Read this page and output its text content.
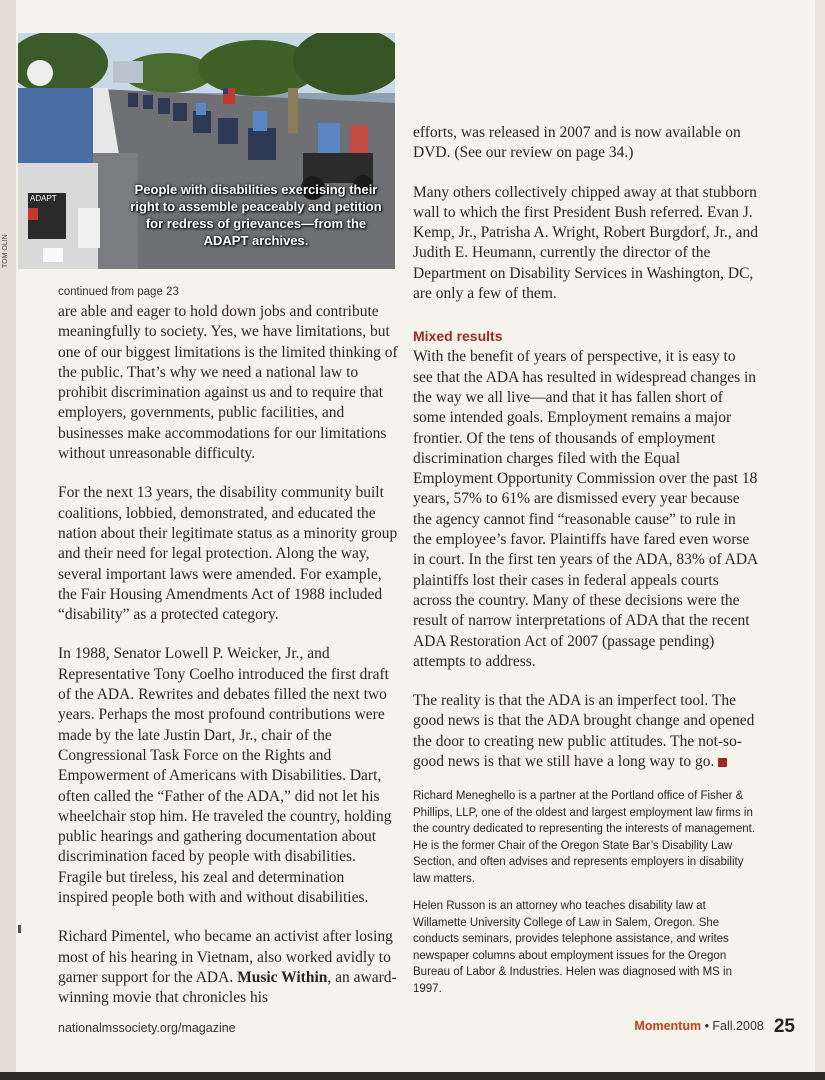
ADAPT
People with disabilities exercising their right to assemble peaceably and petition for redress of grievances—from the ADAPT archives.
TOM OLIN
continued from page 23

are able and eager to hold down jobs and contribute meaningfully to society. Yes, we have limitations, but one of our biggest limitations is the limited thinking of the public. That’s why we need a national law to prohibit discrimination against us and to require that employers, governments, public facilities, and businesses make accommodations for our limitations without unreasonable difficulty.

For the next 13 years, the disability community built coalitions, lobbied, demonstrated, and educated the nation about their legitimate status as a minority group and their need for legal protection. Along the way, several important laws were amended. For example, the Fair Housing Amendments Act of 1988 included “disability” as a protected category.

In 1988, Senator Lowell P. Weicker, Jr., and Representative Tony Coelho introduced the first draft of the ADA. Rewrites and debates filled the next two years. Perhaps the most profound contributions were made by the late Justin Dart, Jr., chair of the Congressional Task Force on the Rights and Empowerment of Americans with Disabilities. Dart, often called the “Father of the ADA,” did not let his wheelchair stop him. He traveled the country, holding public hearings and gathering documentation about discrimination faced by people with disabilities. Fragile but tireless, his zeal and determination inspired people both with and without disabilities.

Richard Pimentel, who became an activist after losing most of his hearing in Vietnam, also worked avidly to garner support for the ADA. Music Within, an award-winning movie that chronicles his

efforts, was released in 2007 and is now available on DVD. (See our review on page 34.)

Many others collectively chipped away at that stubborn wall to which the first President Bush referred. Evan J. Kemp, Jr., Patrisha A. Wright, Robert Burgdorf, Jr., and Judith E. Heumann, currently the director of the Department on Disability Services in Washington, DC, are only a few of them.

Mixed results

With the benefit of years of perspective, it is easy to see that the ADA has resulted in widespread changes in the way we all live—and that it has fallen short of some intended goals. Employment remains a major frontier. Of the tens of thousands of employment discrimination charges filed with the Equal Employment Opportunity Commission over the past 18 years, 57% to 61% are dismissed every year because the agency cannot find “reasonable cause” to rule in the employee’s favor. Plaintiffs have fared even worse in court. In the first ten years of the ADA, 83% of ADA plaintiffs lost their cases in federal appeals courts across the country. Many of these decisions were the result of narrow interpretations of ADA that the recent ADA Restoration Act of 2007 (passage pending) attempts to address.

The reality is that the ADA is an imperfect tool. The good news is that the ADA brought change and opened the door to creating new public attitudes. The not-so-good news is that we still have a long way to go.

Richard Meneghello is a partner at the Portland office of Fisher & Phillips, LLP, one of the oldest and largest employment law firms in the country dedicated to representing the interests of management. He is the former Chair of the Oregon State Bar’s Disability Law Section, and often advises and represents employers in disability law matters.

Helen Russon is an attorney who teaches disability law at Willamette University College of Law in Salem, Oregon. She conducts seminars, provides telephone assistance, and writes newspaper columns about employment issues for the Oregon Bureau of Labor & Industries. Helen was diagnosed with MS in 1997.

nationalmssociety.org/magazine	Momentum • Fall.2008 25
